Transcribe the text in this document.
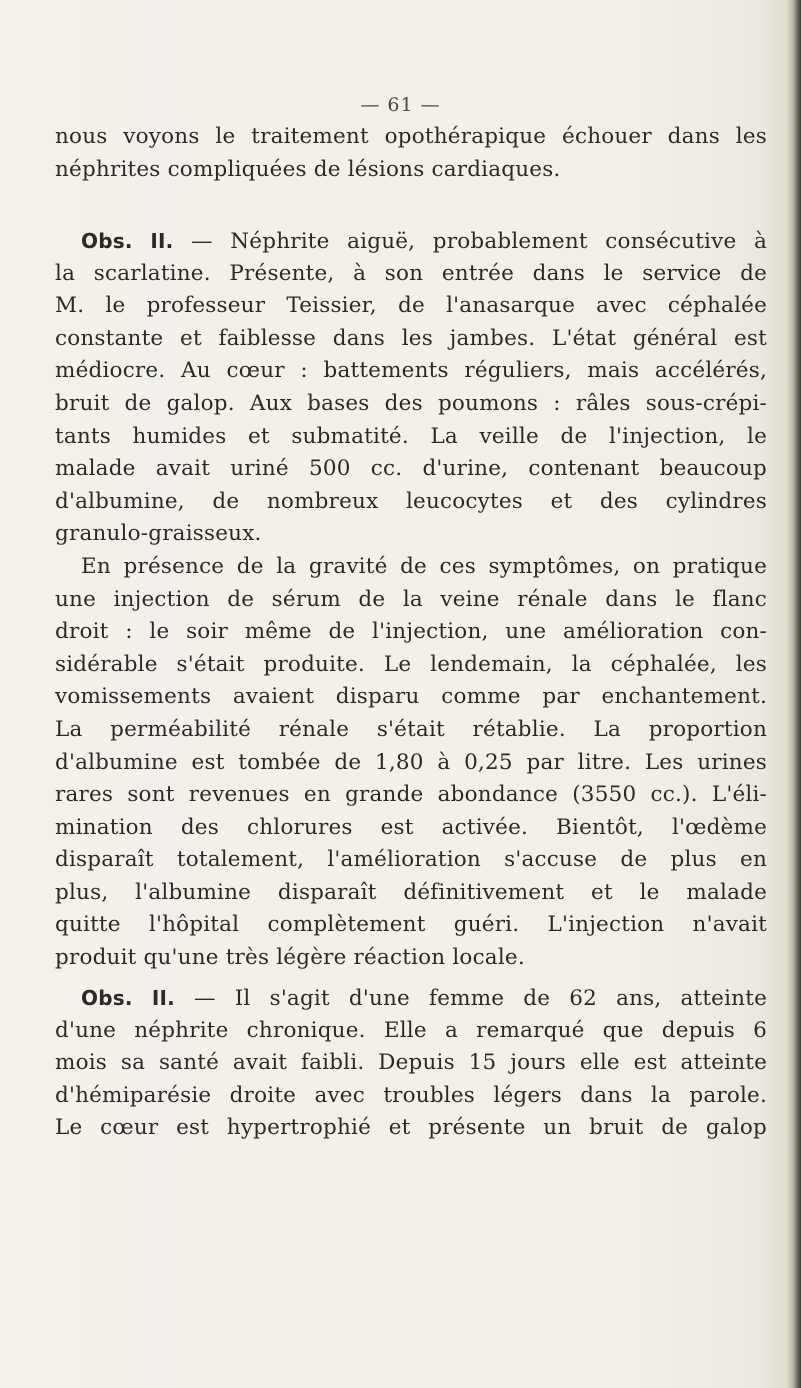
— 61 —
nous voyons le traitement opothérapique échouer dans les
néphrites compliquées de lésions cardiaques.
Obs. II. — Néphrite aiguë, probablement consécutive à
la scarlatine. Présente, à son entrée dans le service de
M. le professeur Teissier, de l'anasarque avec céphalée
constante et faiblesse dans les jambes. L'état général est
médiocre. Au cœur : battements réguliers, mais accélérés,
bruit de galop. Aux bases des poumons : râles sous-crépi-
tants humides et submatité. La veille de l'injection, le
malade avait uriné 500 cc. d'urine, contenant beaucoup
d'albumine, de nombreux leucocytes et des cylindres
granulo-graisseux.
En présence de la gravité de ces symptômes, on pratique
une injection de sérum de la veine rénale dans le flanc
droit : le soir même de l'injection, une amélioration con-
sidérable s'était produite. Le lendemain, la céphalée, les
vomissements avaient disparu comme par enchantement.
La perméabilité rénale s'était rétablie. La proportion
d'albumine est tombée de 1,80 à 0,25 par litre. Les urines
rares sont revenues en grande abondance (3550 cc.). L'éli-
mination des chlorures est activée. Bientôt, l'œdème
disparaît totalement, l'amélioration s'accuse de plus en
plus, l'albumine disparaît définitivement et le malade
quitte l'hôpital complètement guéri. L'injection n'avait
produit qu'une très légère réaction locale.
Obs. II. — Il s'agit d'une femme de 62 ans, atteinte
d'une néphrite chronique. Elle a remarqué que depuis 6
mois sa santé avait faibli. Depuis 15 jours elle est atteinte
d'hémiparésie droite avec troubles légers dans la parole.
Le cœur est hypertrophié et présente un bruit de galop
